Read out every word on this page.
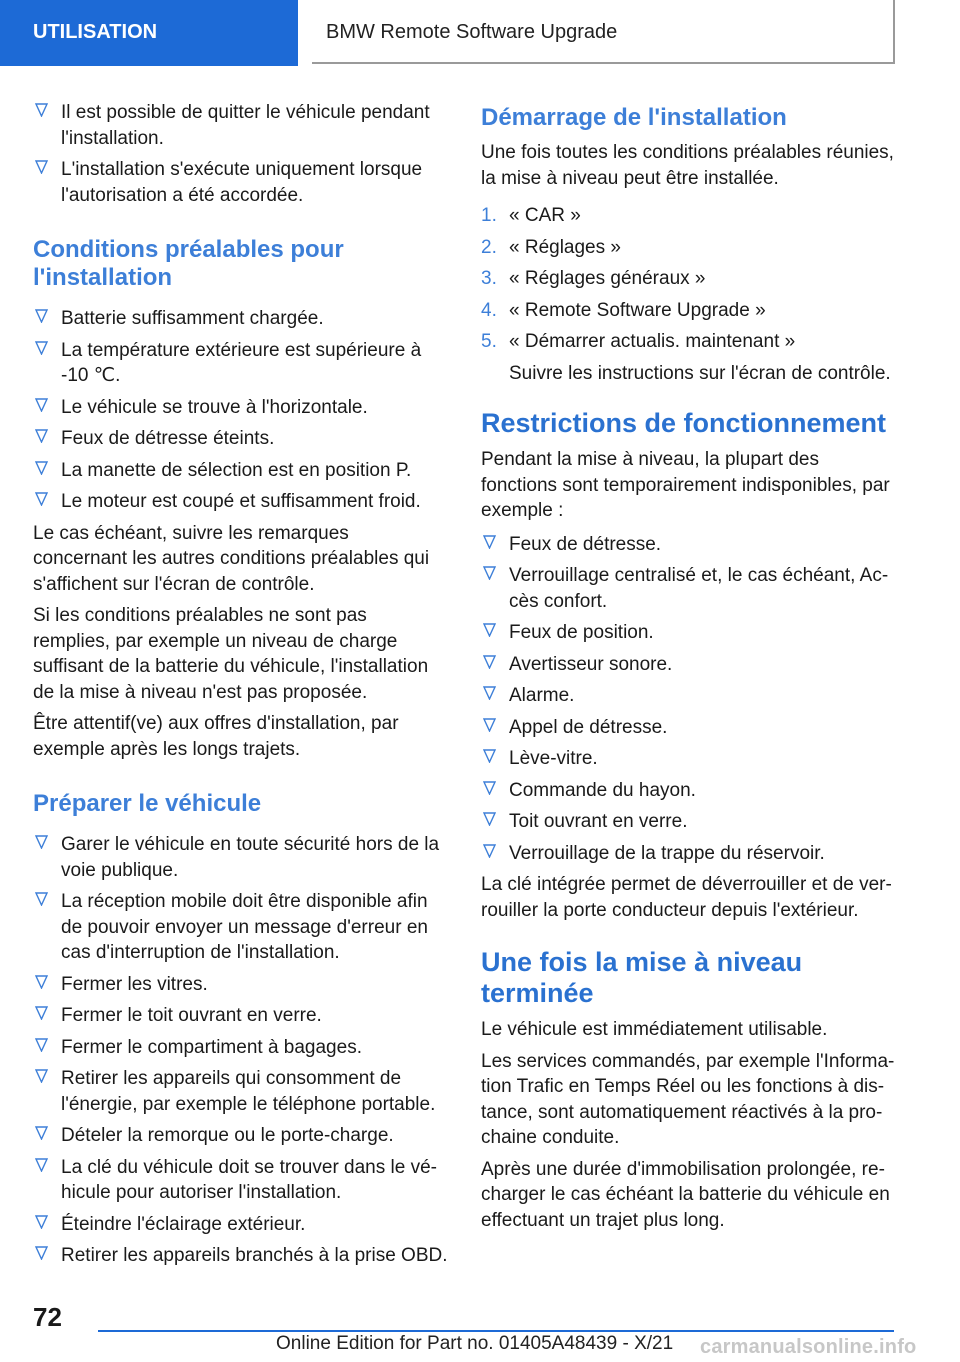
UTILISATION	BMW Remote Software Upgrade
Il est possible de quitter le véhicule pendant l'installation.
L'installation s'exécute uniquement lorsque l'autorisation a été accordée.
Conditions préalables pour l'installation
Batterie suffisamment chargée.
La température extérieure est supérieure à -10 ℃.
Le véhicule se trouve à l'horizontale.
Feux de détresse éteints.
La manette de sélection est en position P.
Le moteur est coupé et suffisamment froid.

Le cas échéant, suivre les remarques concernant les autres conditions préalables qui s'affichent sur l'écran de contrôle.

Si les conditions préalables ne sont pas remplies, par exemple un niveau de charge suffisant de la batterie du véhicule, l'installation de la mise à niveau n'est pas proposée.

Être attentif(ve) aux offres d'installation, par exemple après les longs trajets.

Préparer le véhicule
Garer le véhicule en toute sécurité hors de la voie publique.
La réception mobile doit être disponible afin de pouvoir envoyer un message d'erreur en cas d'interruption de l'installation.
Fermer les vitres.
Fermer le toit ouvrant en verre.
Fermer le compartiment à bagages.
Retirer les appareils qui consomment de l'énergie, par exemple le téléphone portable.
Dételer la remorque ou le porte-charge.
La clé du véhicule doit se trouver dans le véhicule pour autoriser l'installation.
Éteindre l'éclairage extérieur.
Retirer les appareils branchés à la prise OBD.
Démarrage de l'installation

Une fois toutes les conditions préalables réunies, la mise à niveau peut être installée.

1. « CAR »
2. « Réglages »
3. « Réglages généraux »
4. « Remote Software Upgrade »
5. « Démarrer actualis. maintenant »

Suivre les instructions sur l'écran de contrôle.

Restrictions de fonctionnement

Pendant la mise à niveau, la plupart des fonctions sont temporairement indisponibles, par exemple :

Feux de détresse.
Verrouillage centralisé et, le cas échéant, Accès confort.
Feux de position.
Avertisseur sonore.
Alarme.
Appel de détresse.
Lève-vitre.
Commande du hayon.
Toit ouvrant en verre.
Verrouillage de la trappe du réservoir.

La clé intégrée permet de déverrouiller et de verrouiller la porte conducteur depuis l'extérieur.

Une fois la mise à niveau terminée

Le véhicule est immédiatement utilisable.

Les services commandés, par exemple l'Information Trafic en Temps Réel ou les fonctions à distance, sont automatiquement réactivés à la prochaine conduite.

Après une durée d'immobilisation prolongée, recharger le cas échéant la batterie du véhicule en effectuant un trajet plus long.

72
Online Edition for Part no. 01405A48439 - X/21 carmanualsonline.info
